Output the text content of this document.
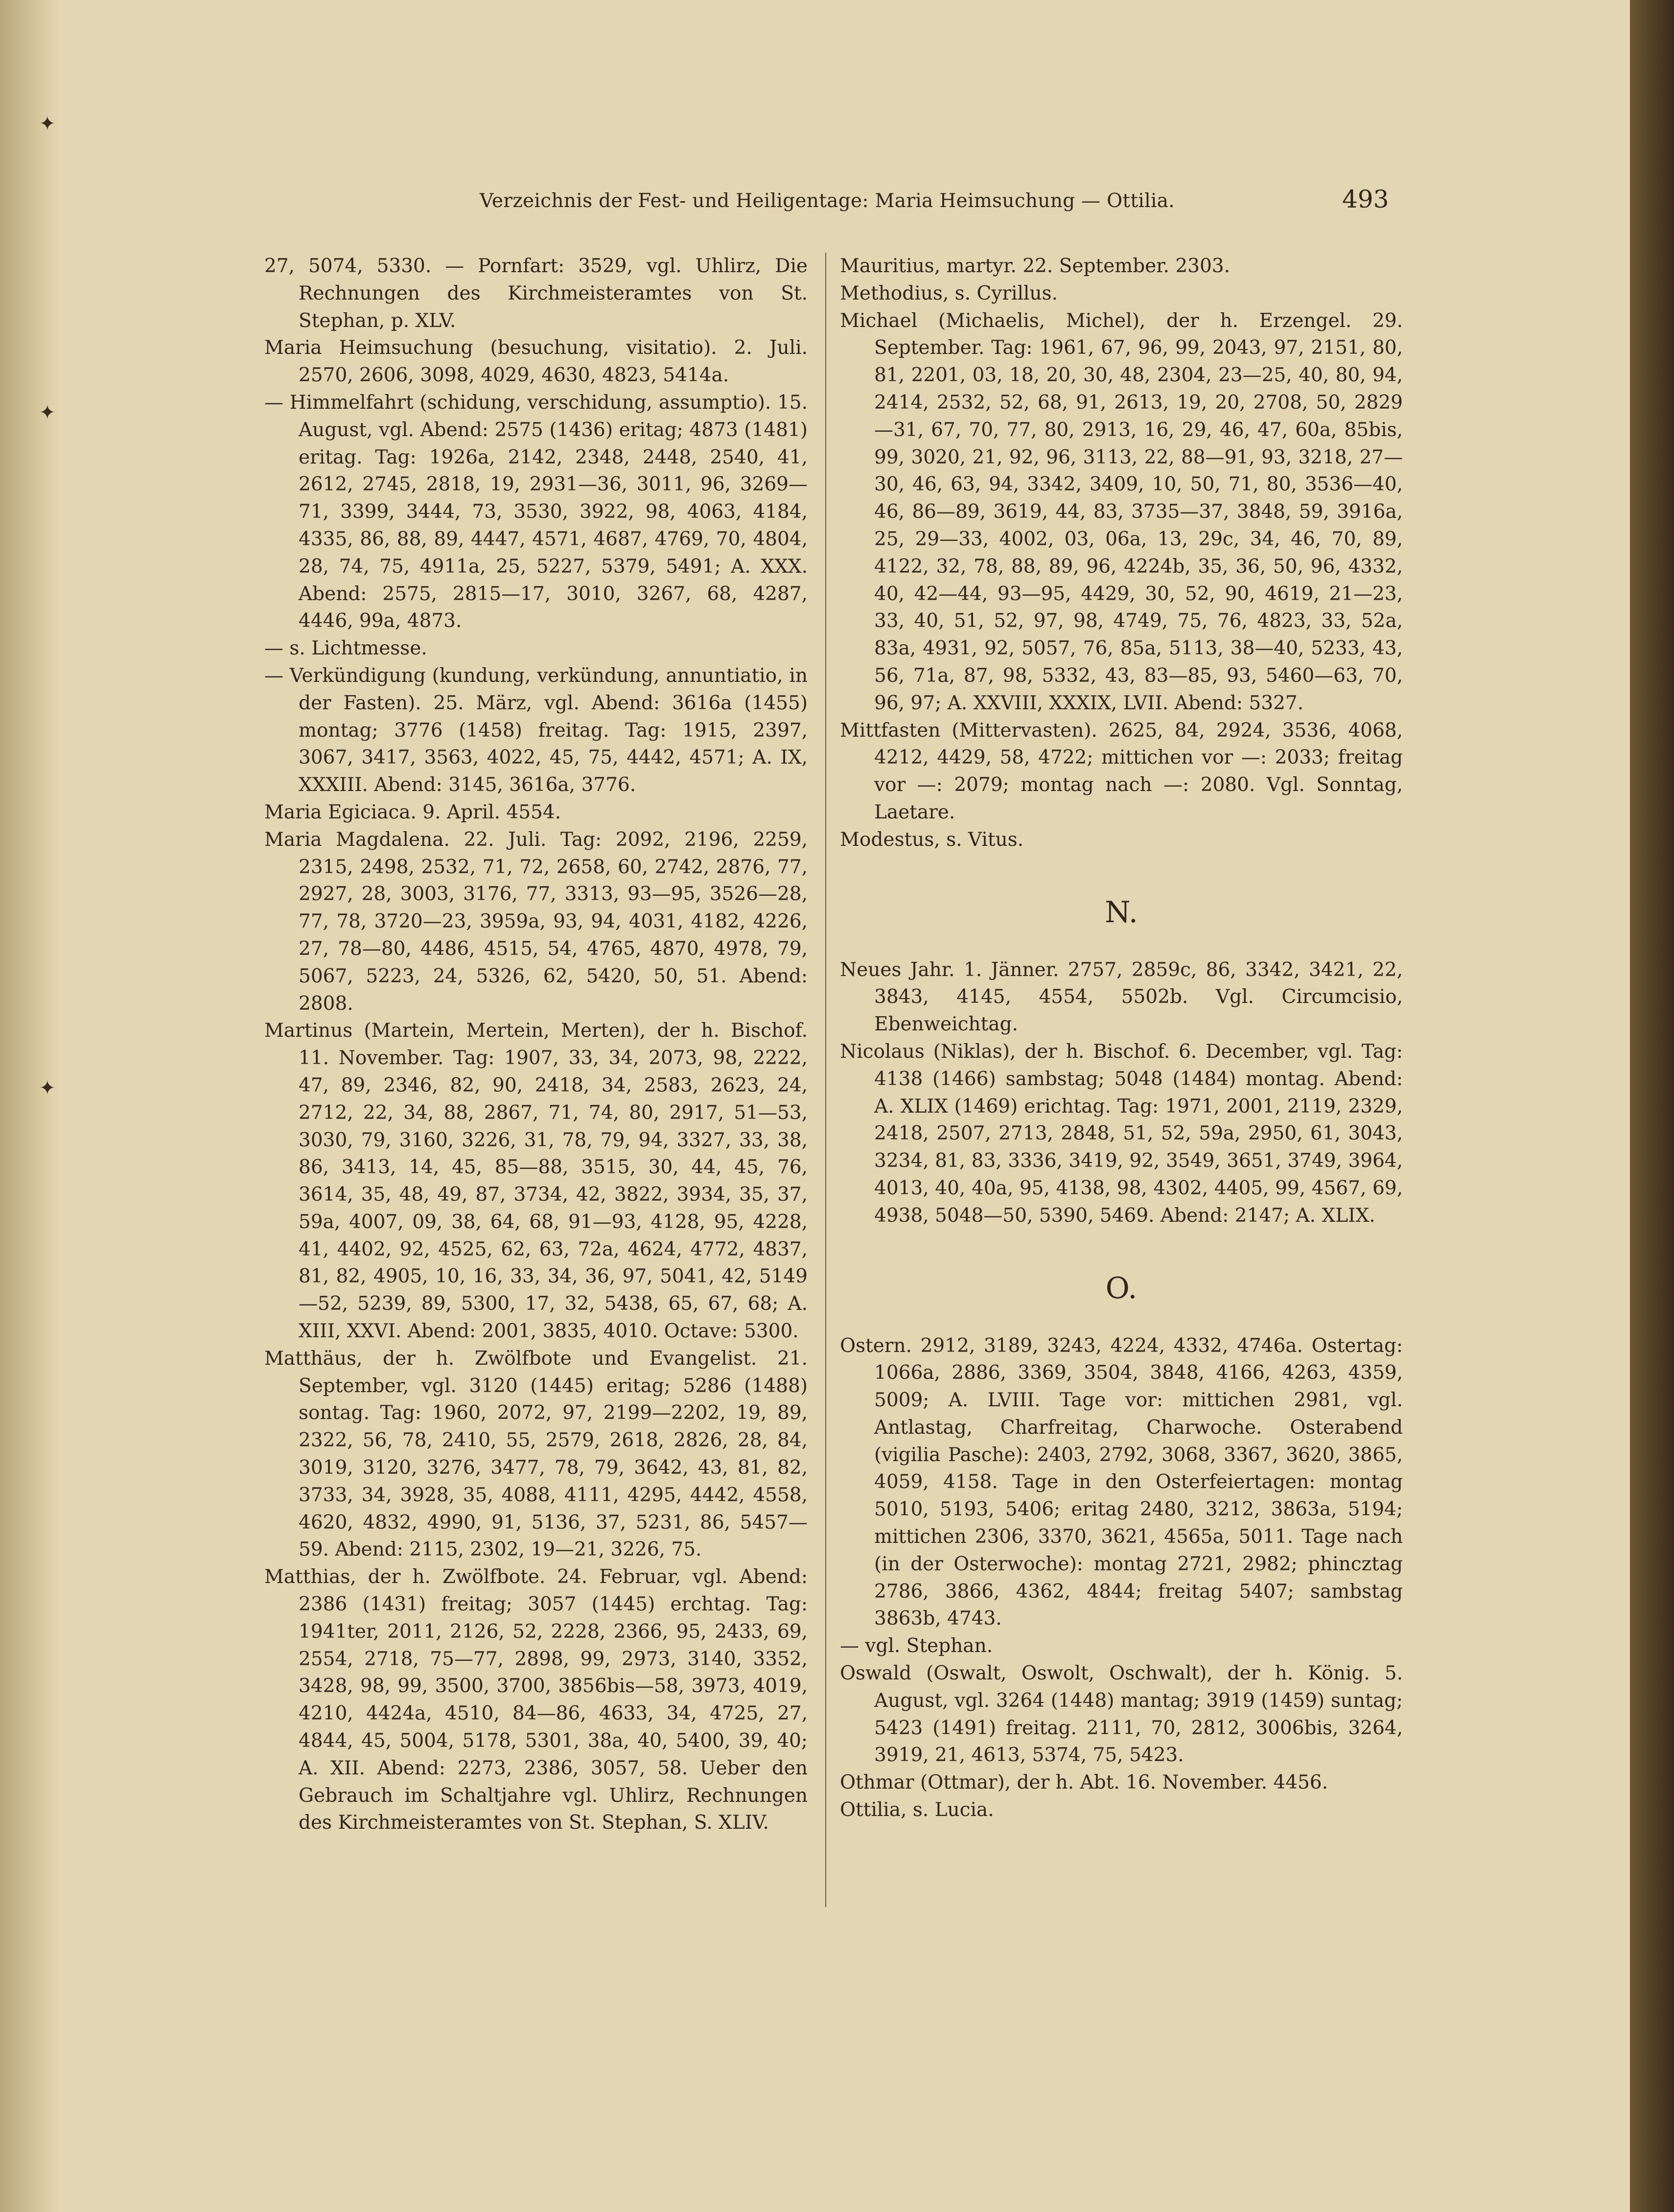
✦
✦
✦
Verzeichnis der Fest- und Heiligentage: Maria Heimsuchung — Ottilia.	493

27, 5074, 5330. — Pornfart: 3529, vgl. Uhlirz, Die Rechnungen des Kirchmeisteramtes von St. Stephan, p. XLV.

Maria Heimsuchung (besuchung, visitatio). 2. Juli. 2570, 2606, 3098, 4029, 4630, 4823, 5414a.

— Himmelfahrt (schidung, verschidung, assumptio). 15. August, vgl. Abend: 2575 (1436) eritag; 4873 (1481) eritag. Tag: 1926a, 2142, 2348, 2448, 2540, 41, 2612, 2745, 2818, 19, 2931—36, 3011, 96, 3269—71, 3399, 3444, 73, 3530, 3922, 98, 4063, 4184, 4335, 86, 88, 89, 4447, 4571, 4687, 4769, 70, 4804, 28, 74, 75, 4911a, 25, 5227, 5379, 5491; A. XXX. Abend: 2575, 2815—17, 3010, 3267, 68, 4287, 4446, 99a, 4873.

— s. Lichtmesse.

— Verkündigung (kundung, verkündung, annuntiatio, in der Fasten). 25. März, vgl. Abend: 3616a (1455) montag; 3776 (1458) freitag. Tag: 1915, 2397, 3067, 3417, 3563, 4022, 45, 75, 4442, 4571; A. IX, XXXIII. Abend: 3145, 3616a, 3776.

Maria Egiciaca. 9. April. 4554.

Maria Magdalena. 22. Juli. Tag: 2092, 2196, 2259, 2315, 2498, 2532, 71, 72, 2658, 60, 2742, 2876, 77, 2927, 28, 3003, 3176, 77, 3313, 93—95, 3526—28, 77, 78, 3720—23, 3959a, 93, 94, 4031, 4182, 4226, 27, 78—80, 4486, 4515, 54, 4765, 4870, 4978, 79, 5067, 5223, 24, 5326, 62, 5420, 50, 51. Abend: 2808.

Martinus (Martein, Mertein, Merten), der h. Bischof. 11. November. Tag: 1907, 33, 34, 2073, 98, 2222, 47, 89, 2346, 82, 90, 2418, 34, 2583, 2623, 24, 2712, 22, 34, 88, 2867, 71, 74, 80, 2917, 51—53, 3030, 79, 3160, 3226, 31, 78, 79, 94, 3327, 33, 38, 86, 3413, 14, 45, 85—88, 3515, 30, 44, 45, 76, 3614, 35, 48, 49, 87, 3734, 42, 3822, 3934, 35, 37, 59a, 4007, 09, 38, 64, 68, 91—93, 4128, 95, 4228, 41, 4402, 92, 4525, 62, 63, 72a, 4624, 4772, 4837, 81, 82, 4905, 10, 16, 33, 34, 36, 97, 5041, 42, 5149—52, 5239, 89, 5300, 17, 32, 5438, 65, 67, 68; A. XIII, XXVI. Abend: 2001, 3835, 4010. Octave: 5300.

Matthäus, der h. Zwölfbote und Evangelist. 21. September, vgl. 3120 (1445) eritag; 5286 (1488) sontag. Tag: 1960, 2072, 97, 2199—2202, 19, 89, 2322, 56, 78, 2410, 55, 2579, 2618, 2826, 28, 84, 3019, 3120, 3276, 3477, 78, 79, 3642, 43, 81, 82, 3733, 34, 3928, 35, 4088, 4111, 4295, 4442, 4558, 4620, 4832, 4990, 91, 5136, 37, 5231, 86, 5457—59. Abend: 2115, 2302, 19—21, 3226, 75.

Matthias, der h. Zwölfbote. 24. Februar, vgl. Abend: 2386 (1431) freitag; 3057 (1445) erchtag. Tag: 1941ter, 2011, 2126, 52, 2228, 2366, 95, 2433, 69, 2554, 2718, 75—77, 2898, 99, 2973, 3140, 3352, 3428, 98, 99, 3500, 3700, 3856bis—58, 3973, 4019, 4210, 4424a, 4510, 84—86, 4633, 34, 4725, 27, 4844, 45, 5004, 5178, 5301, 38a, 40, 5400, 39, 40; A. XII. Abend: 2273, 2386, 3057, 58. Ueber den Gebrauch im Schaltjahre vgl. Uhlirz, Rechnungen des Kirchmeisteramtes von St. Stephan, S. XLIV.

Mauritius, martyr. 22. September. 2303.

Methodius, s. Cyrillus.

Michael (Michaelis, Michel), der h. Erzengel. 29. September. Tag: 1961, 67, 96, 99, 2043, 97, 2151, 80, 81, 2201, 03, 18, 20, 30, 48, 2304, 23—25, 40, 80, 94, 2414, 2532, 52, 68, 91, 2613, 19, 20, 2708, 50, 2829—31, 67, 70, 77, 80, 2913, 16, 29, 46, 47, 60a, 85bis, 99, 3020, 21, 92, 96, 3113, 22, 88—91, 93, 3218, 27—30, 46, 63, 94, 3342, 3409, 10, 50, 71, 80, 3536—40, 46, 86—89, 3619, 44, 83, 3735—37, 3848, 59, 3916a, 25, 29—33, 4002, 03, 06a, 13, 29c, 34, 46, 70, 89, 4122, 32, 78, 88, 89, 96, 4224b, 35, 36, 50, 96, 4332, 40, 42—44, 93—95, 4429, 30, 52, 90, 4619, 21—23, 33, 40, 51, 52, 97, 98, 4749, 75, 76, 4823, 33, 52a, 83a, 4931, 92, 5057, 76, 85a, 5113, 38—40, 5233, 43, 56, 71a, 87, 98, 5332, 43, 83—85, 93, 5460—63, 70, 96, 97; A. XXVIII, XXXIX, LVII. Abend: 5327.

Mittfasten (Mittervasten). 2625, 84, 2924, 3536, 4068, 4212, 4429, 58, 4722; mittichen vor —: 2033; freitag vor —: 2079; montag nach —: 2080. Vgl. Sonntag, Laetare.

Modestus, s. Vitus.

N.

Neues Jahr. 1. Jänner. 2757, 2859c, 86, 3342, 3421, 22, 3843, 4145, 4554, 5502b. Vgl. Circumcisio, Ebenweichtag.

Nicolaus (Niklas), der h. Bischof. 6. December, vgl. Tag: 4138 (1466) sambstag; 5048 (1484) montag. Abend: A. XLIX (1469) erichtag. Tag: 1971, 2001, 2119, 2329, 2418, 2507, 2713, 2848, 51, 52, 59a, 2950, 61, 3043, 3234, 81, 83, 3336, 3419, 92, 3549, 3651, 3749, 3964, 4013, 40, 40a, 95, 4138, 98, 4302, 4405, 99, 4567, 69, 4938, 5048—50, 5390, 5469. Abend: 2147; A. XLIX.

O.

Ostern. 2912, 3189, 3243, 4224, 4332, 4746a. Ostertag: 1066a, 2886, 3369, 3504, 3848, 4166, 4263, 4359, 5009; A. LVIII. Tage vor: mittichen 2981, vgl. Antlastag, Charfreitag, Charwoche. Osterabend (vigilia Pasche): 2403, 2792, 3068, 3367, 3620, 3865, 4059, 4158. Tage in den Osterfeiertagen: montag 5010, 5193, 5406; eritag 2480, 3212, 3863a, 5194; mittichen 2306, 3370, 3621, 4565a, 5011. Tage nach (in der Osterwoche): montag 2721, 2982; phincztag 2786, 3866, 4362, 4844; freitag 5407; sambstag 3863b, 4743.

— vgl. Stephan.

Oswald (Oswalt, Oswolt, Oschwalt), der h. König. 5. August, vgl. 3264 (1448) mantag; 3919 (1459) suntag; 5423 (1491) freitag. 2111, 70, 2812, 3006bis, 3264, 3919, 21, 4613, 5374, 75, 5423.

Othmar (Ottmar), der h. Abt. 16. November. 4456.

Ottilia, s. Lucia.
